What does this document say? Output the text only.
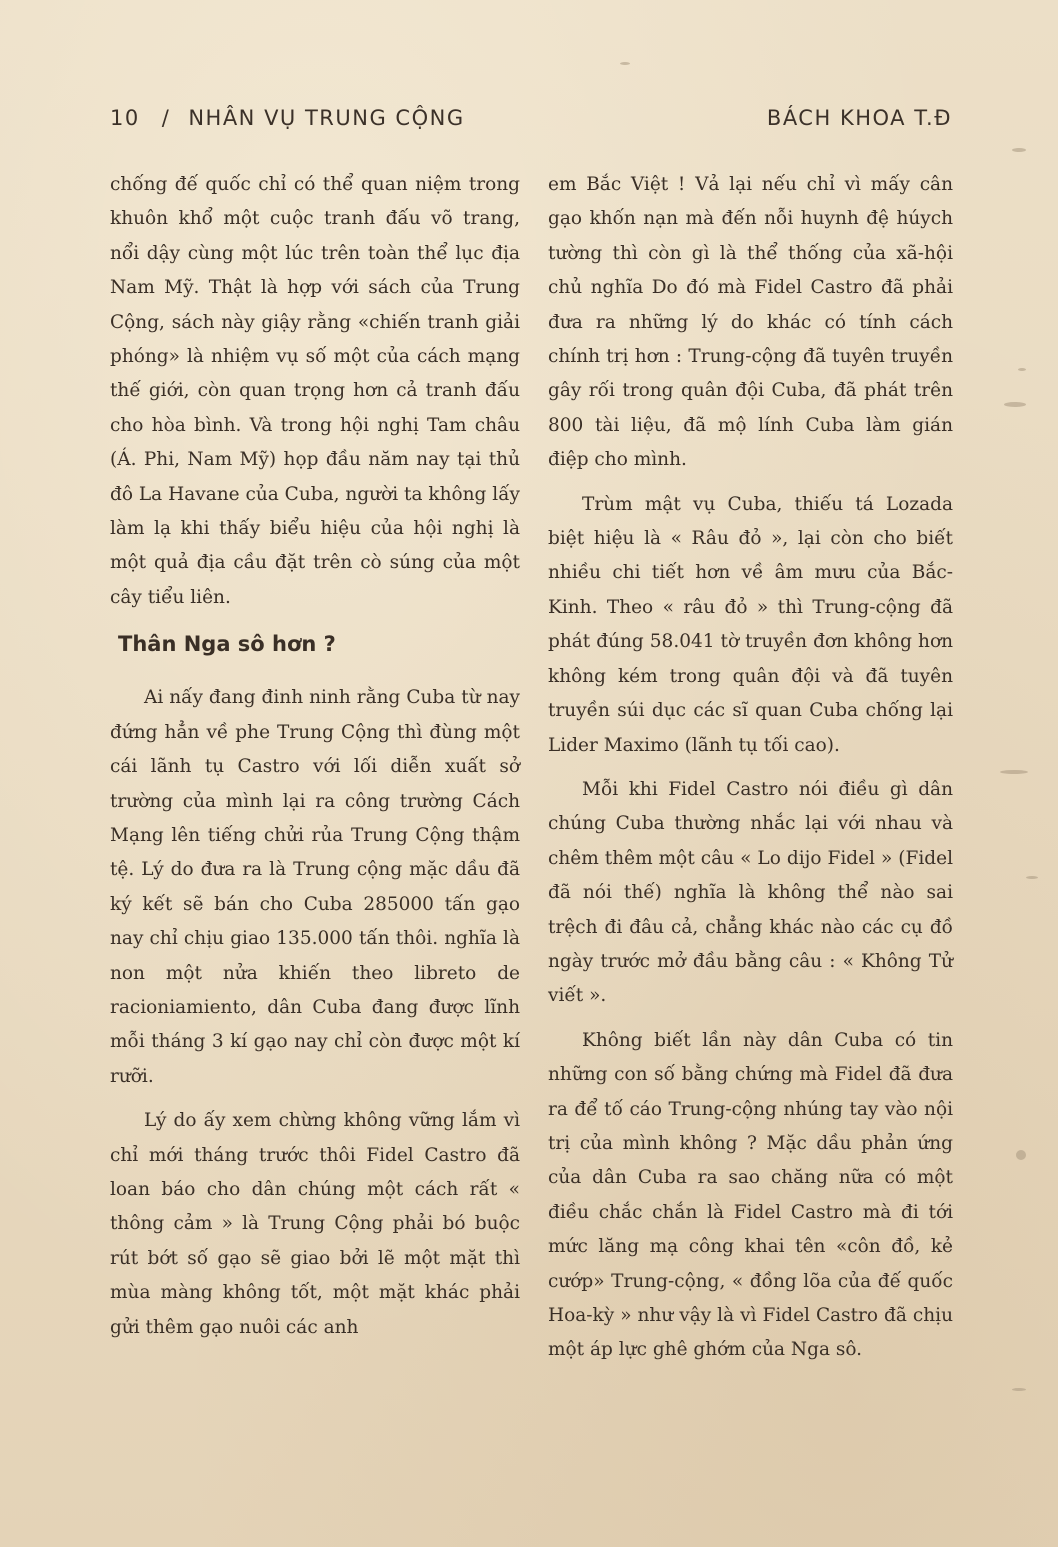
10 / NHÂN VỤ TRUNG CỘNG	BÁCH KHOA T.Đ

chống đế quốc chỉ có thể quan niệm trong khuôn khổ một cuộc tranh đấu võ trang, nổi dậy cùng một lúc trên toàn thể lục địa Nam Mỹ. Thật là hợp với sách của Trung Cộng, sách này giậy rằng «chiến tranh giải phóng» là nhiệm vụ số một của cách mạng thế giới, còn quan trọng hơn cả tranh đấu cho hòa bình. Và trong hội nghị Tam châu (Á. Phi, Nam Mỹ) họp đầu năm nay tại thủ đô La Havane của Cuba, người ta không lấy làm lạ khi thấy biểu hiệu của hội nghị là một quả địa cầu đặt trên cò súng của một cây tiểu liên.

Thân Nga sô hơn ?

Ai nấy đang đinh ninh rằng Cuba từ nay đứng hẳn về phe Trung Cộng thì đùng một cái lãnh tụ Castro với lối diễn xuất sở trường của mình lại ra công trường Cách Mạng lên tiếng chửi rủa Trung Cộng thậm tệ. Lý do đưa ra là Trung cộng mặc dầu đã ký kết sẽ bán cho Cuba 285000 tấn gạo nay chỉ chịu giao 135.000 tấn thôi. nghĩa là non một nửa khiến theo libreto de racioniamiento, dân Cuba đang được lĩnh mỗi tháng 3 kí gạo nay chỉ còn được một kí rưỡi.

Lý do ấy xem chừng không vững lắm vì chỉ mới tháng trước thôi Fidel Castro đã loan báo cho dân chúng một cách rất « thông cảm » là Trung Cộng phải bó buộc rút bớt số gạo sẽ giao bởi lẽ một mặt thì mùa màng không tốt, một mặt khác phải gửi thêm gạo nuôi các anh

em Bắc Việt ! Vả lại nếu chỉ vì mấy cân gạo khốn nạn mà đến nỗi huynh đệ húych tường thì còn gì là thể thống của xã-hội chủ nghĩa Do đó mà Fidel Castro đã phải đưa ra những lý do khác có tính cách chính trị hơn : Trung-cộng đã tuyên truyền gây rối trong quân đội Cuba, đã phát trên 800 tài liệu, đã mộ lính Cuba làm gián điệp cho mình.

Trùm mật vụ Cuba, thiếu tá Lozada biệt hiệu là « Râu đỏ », lại còn cho biết nhiều chi tiết hơn về âm mưu của Bắc-Kinh. Theo « râu đỏ » thì Trung-cộng đã phát đúng 58.041 tờ truyền đơn không hơn không kém trong quân đội và đã tuyên truyền súi dục các sĩ quan Cuba chống lại Lider Maximo (lãnh tụ tối cao).

Mỗi khi Fidel Castro nói điều gì dân chúng Cuba thường nhắc lại với nhau và chêm thêm một câu « Lo dijo Fidel » (Fidel đã nói thế) nghĩa là không thể nào sai trệch đi đâu cả, chẳng khác nào các cụ đồ ngày trước mở đầu bằng câu : « Không Tử viết ».

Không biết lần này dân Cuba có tin những con số bằng chứng mà Fidel đã đưa ra để tố cáo Trung-cộng nhúng tay vào nội trị của mình không ? Mặc dầu phản ứng của dân Cuba ra sao chăng nữa có một điều chắc chắn là Fidel Castro mà đi tới mức lăng mạ công khai tên «côn đồ, kẻ cướp» Trung-cộng, « đồng lõa của đế quốc Hoa-kỳ » như vậy là vì Fidel Castro đã chịu một áp lực ghê ghớm của Nga sô.
